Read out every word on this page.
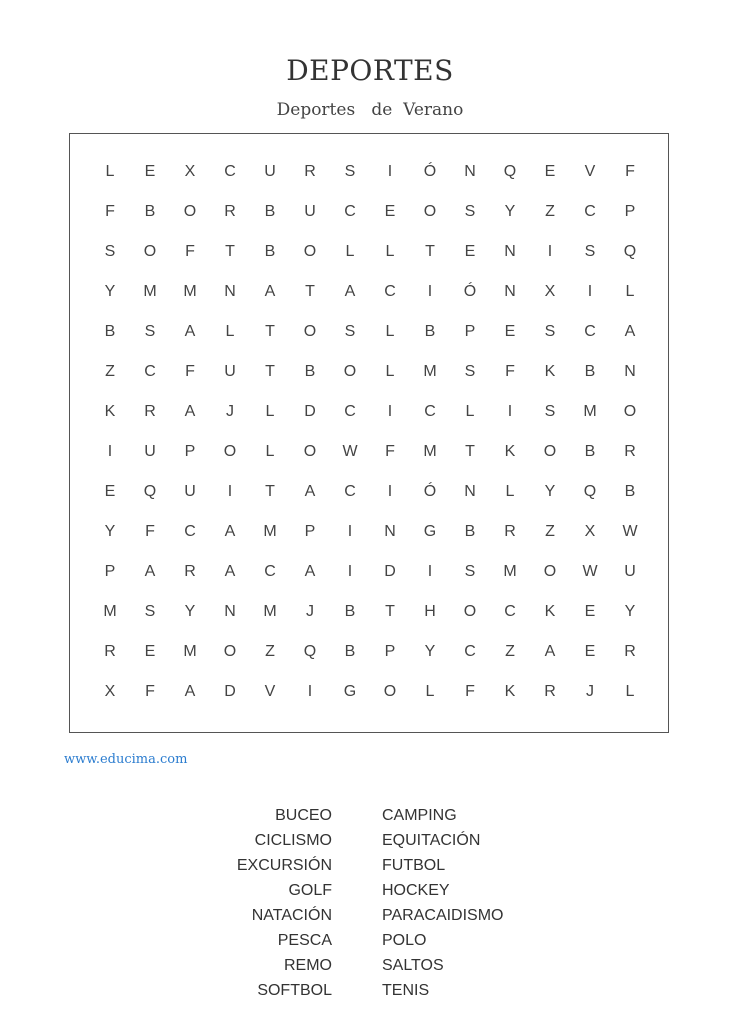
DEPORTES
Deportes   de  Verano
L	E	X	C	U	R	S	I	Ó	N	Q	E	V	F
F	B	O	R	B	U	C	E	O	S	Y	Z	C	P
S	O	F	T	B	O	L	L	T	E	N	I	S	Q
Y	M	M	N	A	T	A	C	I	Ó	N	X	I	L
B	S	A	L	T	O	S	L	B	P	E	S	C	A
Z	C	F	U	T	B	O	L	M	S	F	K	B	N
K	R	A	J	L	D	C	I	C	L	I	S	M	O
I	U	P	O	L	O	W	F	M	T	K	O	B	R
E	Q	U	I	T	A	C	I	Ó	N	L	Y	Q	B
Y	F	C	A	M	P	I	N	G	B	R	Z	X	W
P	A	R	A	C	A	I	D	I	S	M	O	W	U
M	S	Y	N	M	J	B	T	H	O	C	K	E	Y
R	E	M	O	Z	Q	B	P	Y	C	Z	A	E	R
X	F	A	D	V	I	G	O	L	F	K	R	J	L
www.educima.com
BUCEO
CICLISMO
EXCURSIÓN
GOLF
NATACIÓN
PESCA
REMO
SOFTBOL
CAMPING
EQUITACIÓN
FUTBOL
HOCKEY
PARACAIDISMO
POLO
SALTOS
TENIS
